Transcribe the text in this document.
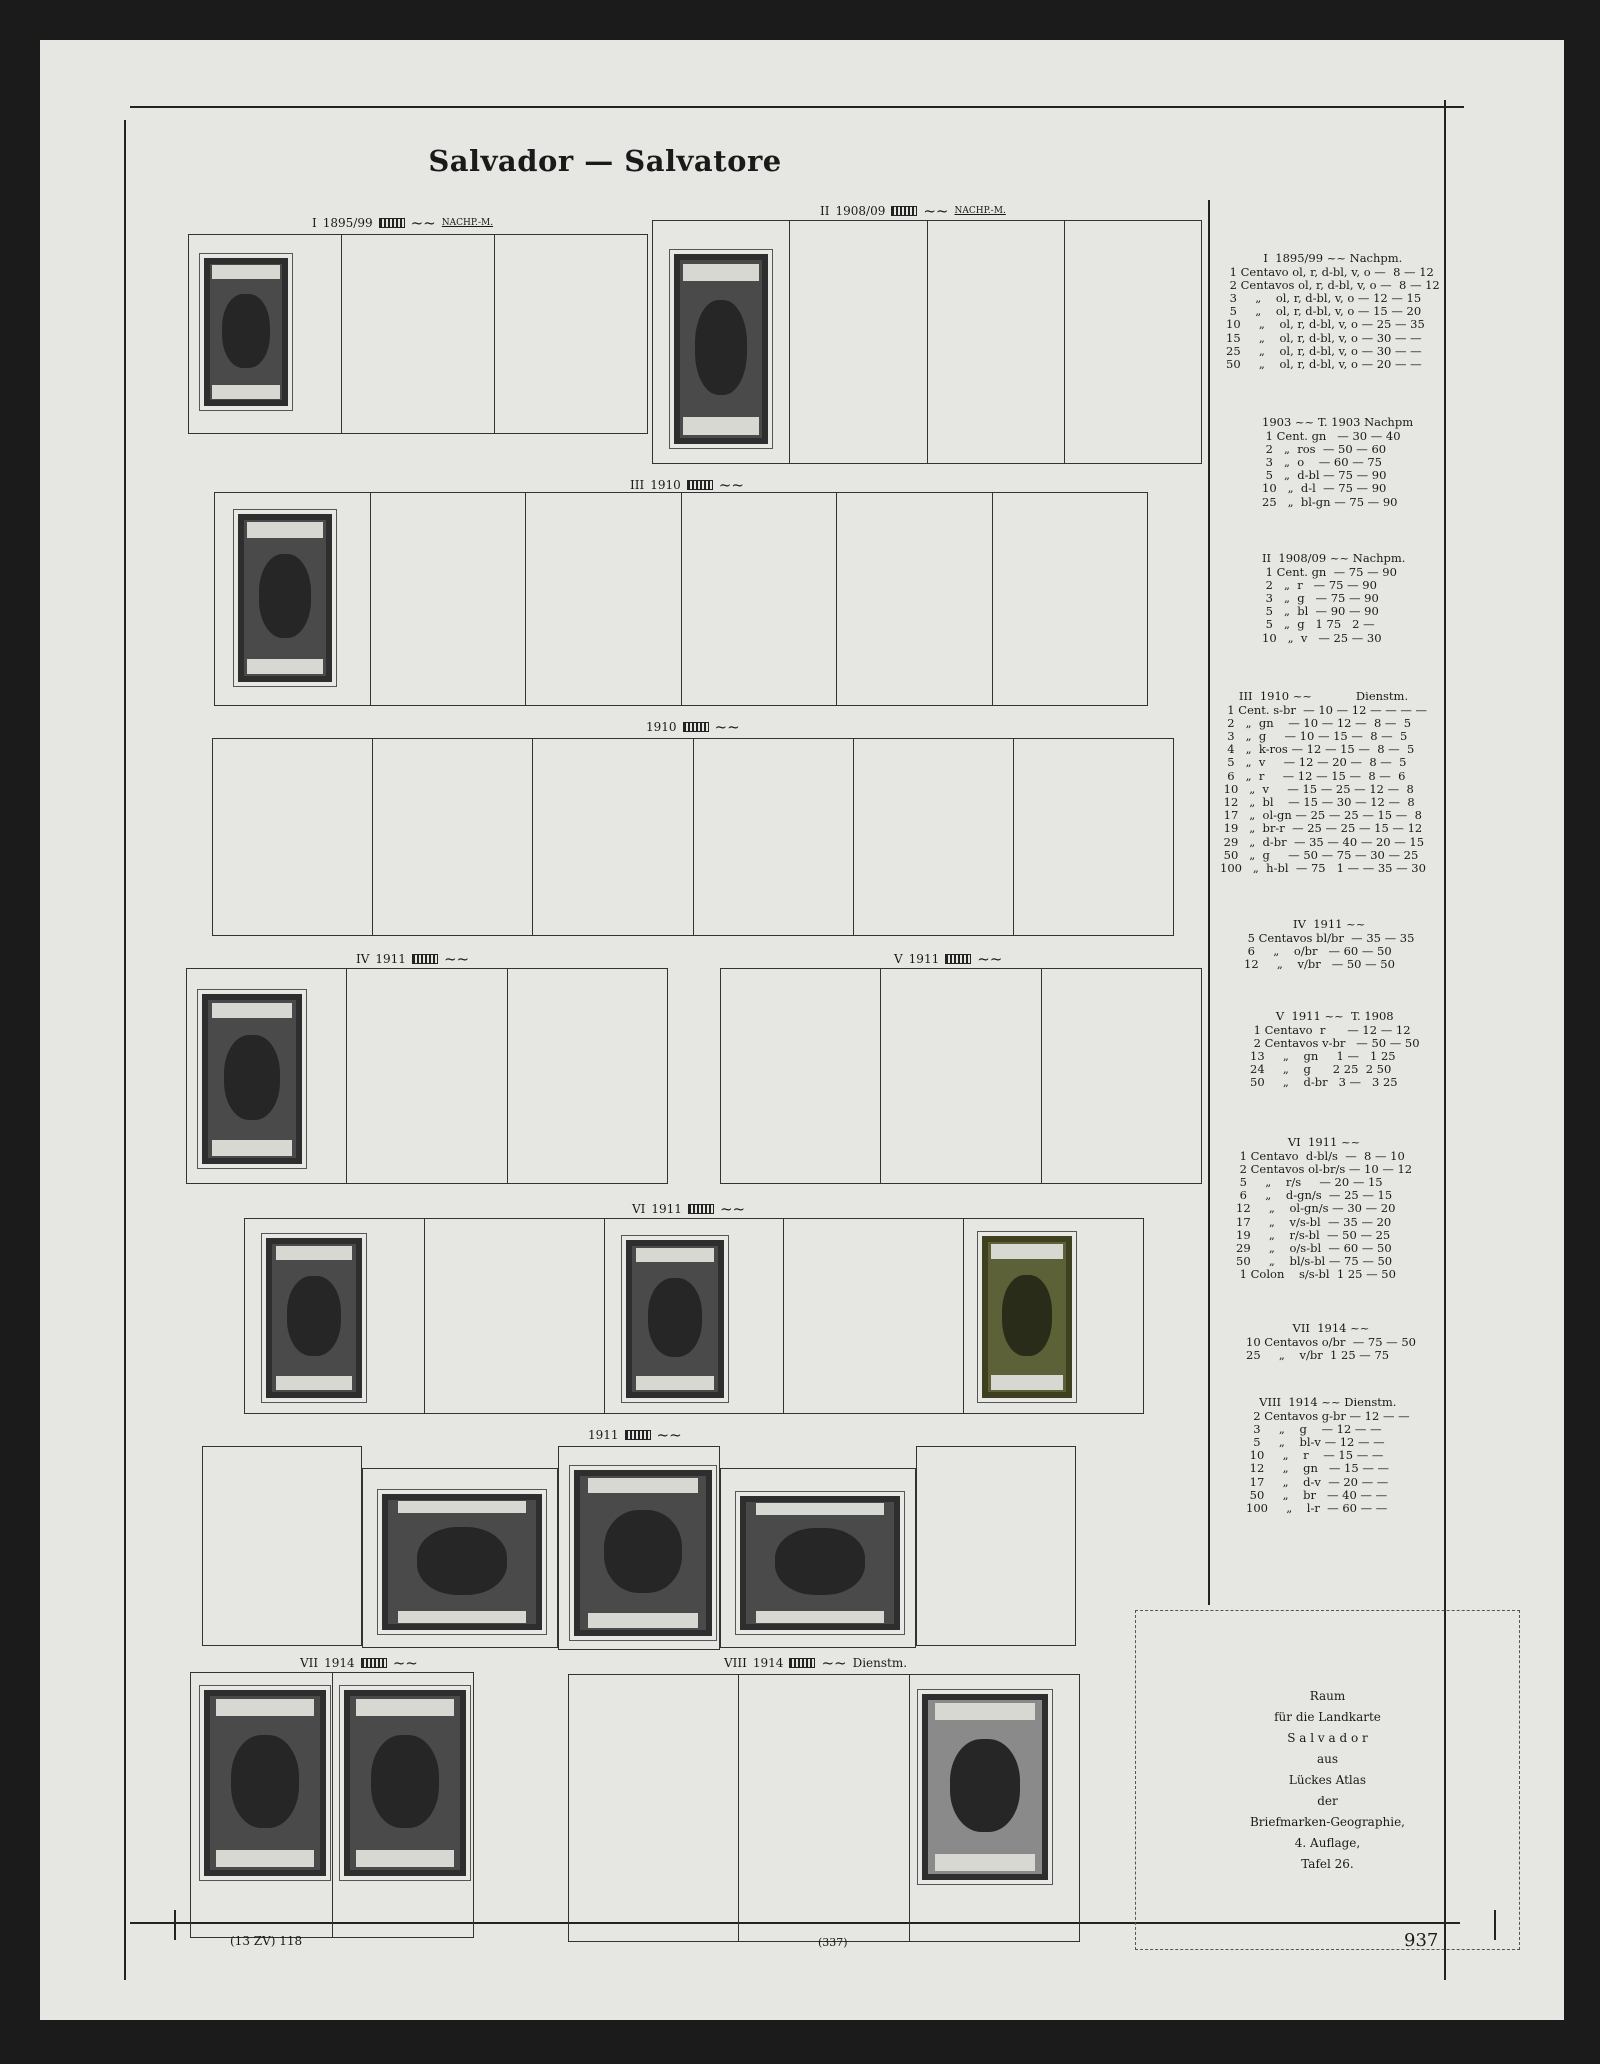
Salvador — Salvatore
I 1895/99	~~ NACHP.-M.
II 1908/09	~~ NACHP.-M.
III 1910	~~
1910	~~
IV 1911	~~	V 1911	~~
VI 1911	~~
1911	~~
VII 1914	~~	VIII 1914	~~ Dienstm.

I  1895/99 ~~ Nachpm.
1 Centavo ol, r, d-bl, v, o —  8 — 12
2 Centavos ol, r, d-bl, v, o —  8 — 12
3     „    ol, r, d-bl, v, o — 12 — 15
5     „    ol, r, d-bl, v, o — 15 — 20
10     „    ol, r, d-bl, v, o — 25 — 35
15     „    ol, r, d-bl, v, o — 30 — —
25     „    ol, r, d-bl, v, o — 30 — —
50     „    ol, r, d-bl, v, o — 20 — —

1903 ~~ T. 1903 Nachpm
1 Cent. gn   — 30 — 40
2   „  ros  — 50 — 60
3   „  o    — 60 — 75
5   „  d-bl — 75 — 90
10   „  d-l  — 75 — 90
25   „  bl-gn — 75 — 90

II  1908/09 ~~ Nachpm.
1 Cent. gn  — 75 — 90
2   „  r   — 75 — 90
3   „  g   — 75 — 90
5   „  bl  — 90 — 90
5   „  g   1 75   2 —
10   „  v   — 25 — 30

III  1910 ~~            Dienstm.
1 Cent. s-br  — 10 — 12 — — — —
2   „  gn    — 10 — 12 —  8 —  5
3   „  g     — 10 — 15 —  8 —  5
4   „  k-ros — 12 — 15 —  8 —  5
5   „  v     — 12 — 20 —  8 —  5
6   „  r     — 12 — 15 —  8 —  6
10   „  v     — 15 — 25 — 12 —  8
12   „  bl    — 15 — 30 — 12 —  8
17   „  ol-gn — 25 — 25 — 15 —  8
19   „  br-r  — 25 — 25 — 15 — 12
29   „  d-br  — 35 — 40 — 20 — 15
50   „  g     — 50 — 75 — 30 — 25
100   „  h-bl  — 75   1 — — 35 — 30

IV  1911 ~~
5 Centavos bl/br  — 35 — 35
6     „    o/br   — 60 — 50
12     „    v/br   — 50 — 50

V  1911 ~~  T. 1908
1 Centavo  r      — 12 — 12
2 Centavos v-br   — 50 — 50
13     „    gn     1 —   1 25
24     „    g      2 25  2 50
50     „    d-br   3 —   3 25

VI  1911 ~~
1 Centavo  d-bl/s  —  8 — 10
2 Centavos ol-br/s — 10 — 12
5     „    r/s     — 20 — 15
6     „    d-gn/s  — 25 — 15
12     „    ol-gn/s — 30 — 20
17     „    v/s-bl  — 35 — 20
19     „    r/s-bl  — 50 — 25
29     „    o/s-bl  — 60 — 50
50     „    bl/s-bl — 75 — 50
1 Colon    s/s-bl  1 25 — 50

VII  1914 ~~
10 Centavos o/br  — 75 — 50
25     „    v/br  1 25 — 75

VIII  1914 ~~ Dienstm.
2 Centavos g-br — 12 — —
3     „    g    — 12 — —
5     „    bl-v — 12 — —
10     „    r    — 15 — —
12     „    gn   — 15 — —
17     „    d-v  — 20 — —
50     „    br   — 40 — —
100     „    l-r  — 60 — —

Raum
für die Landkarte
S a l v a d o r
aus
Lückes Atlas
der
Briefmarken-Geographie,
4. Auflage,
Tafel 26.
(13 ZV) 118	(337)	937
